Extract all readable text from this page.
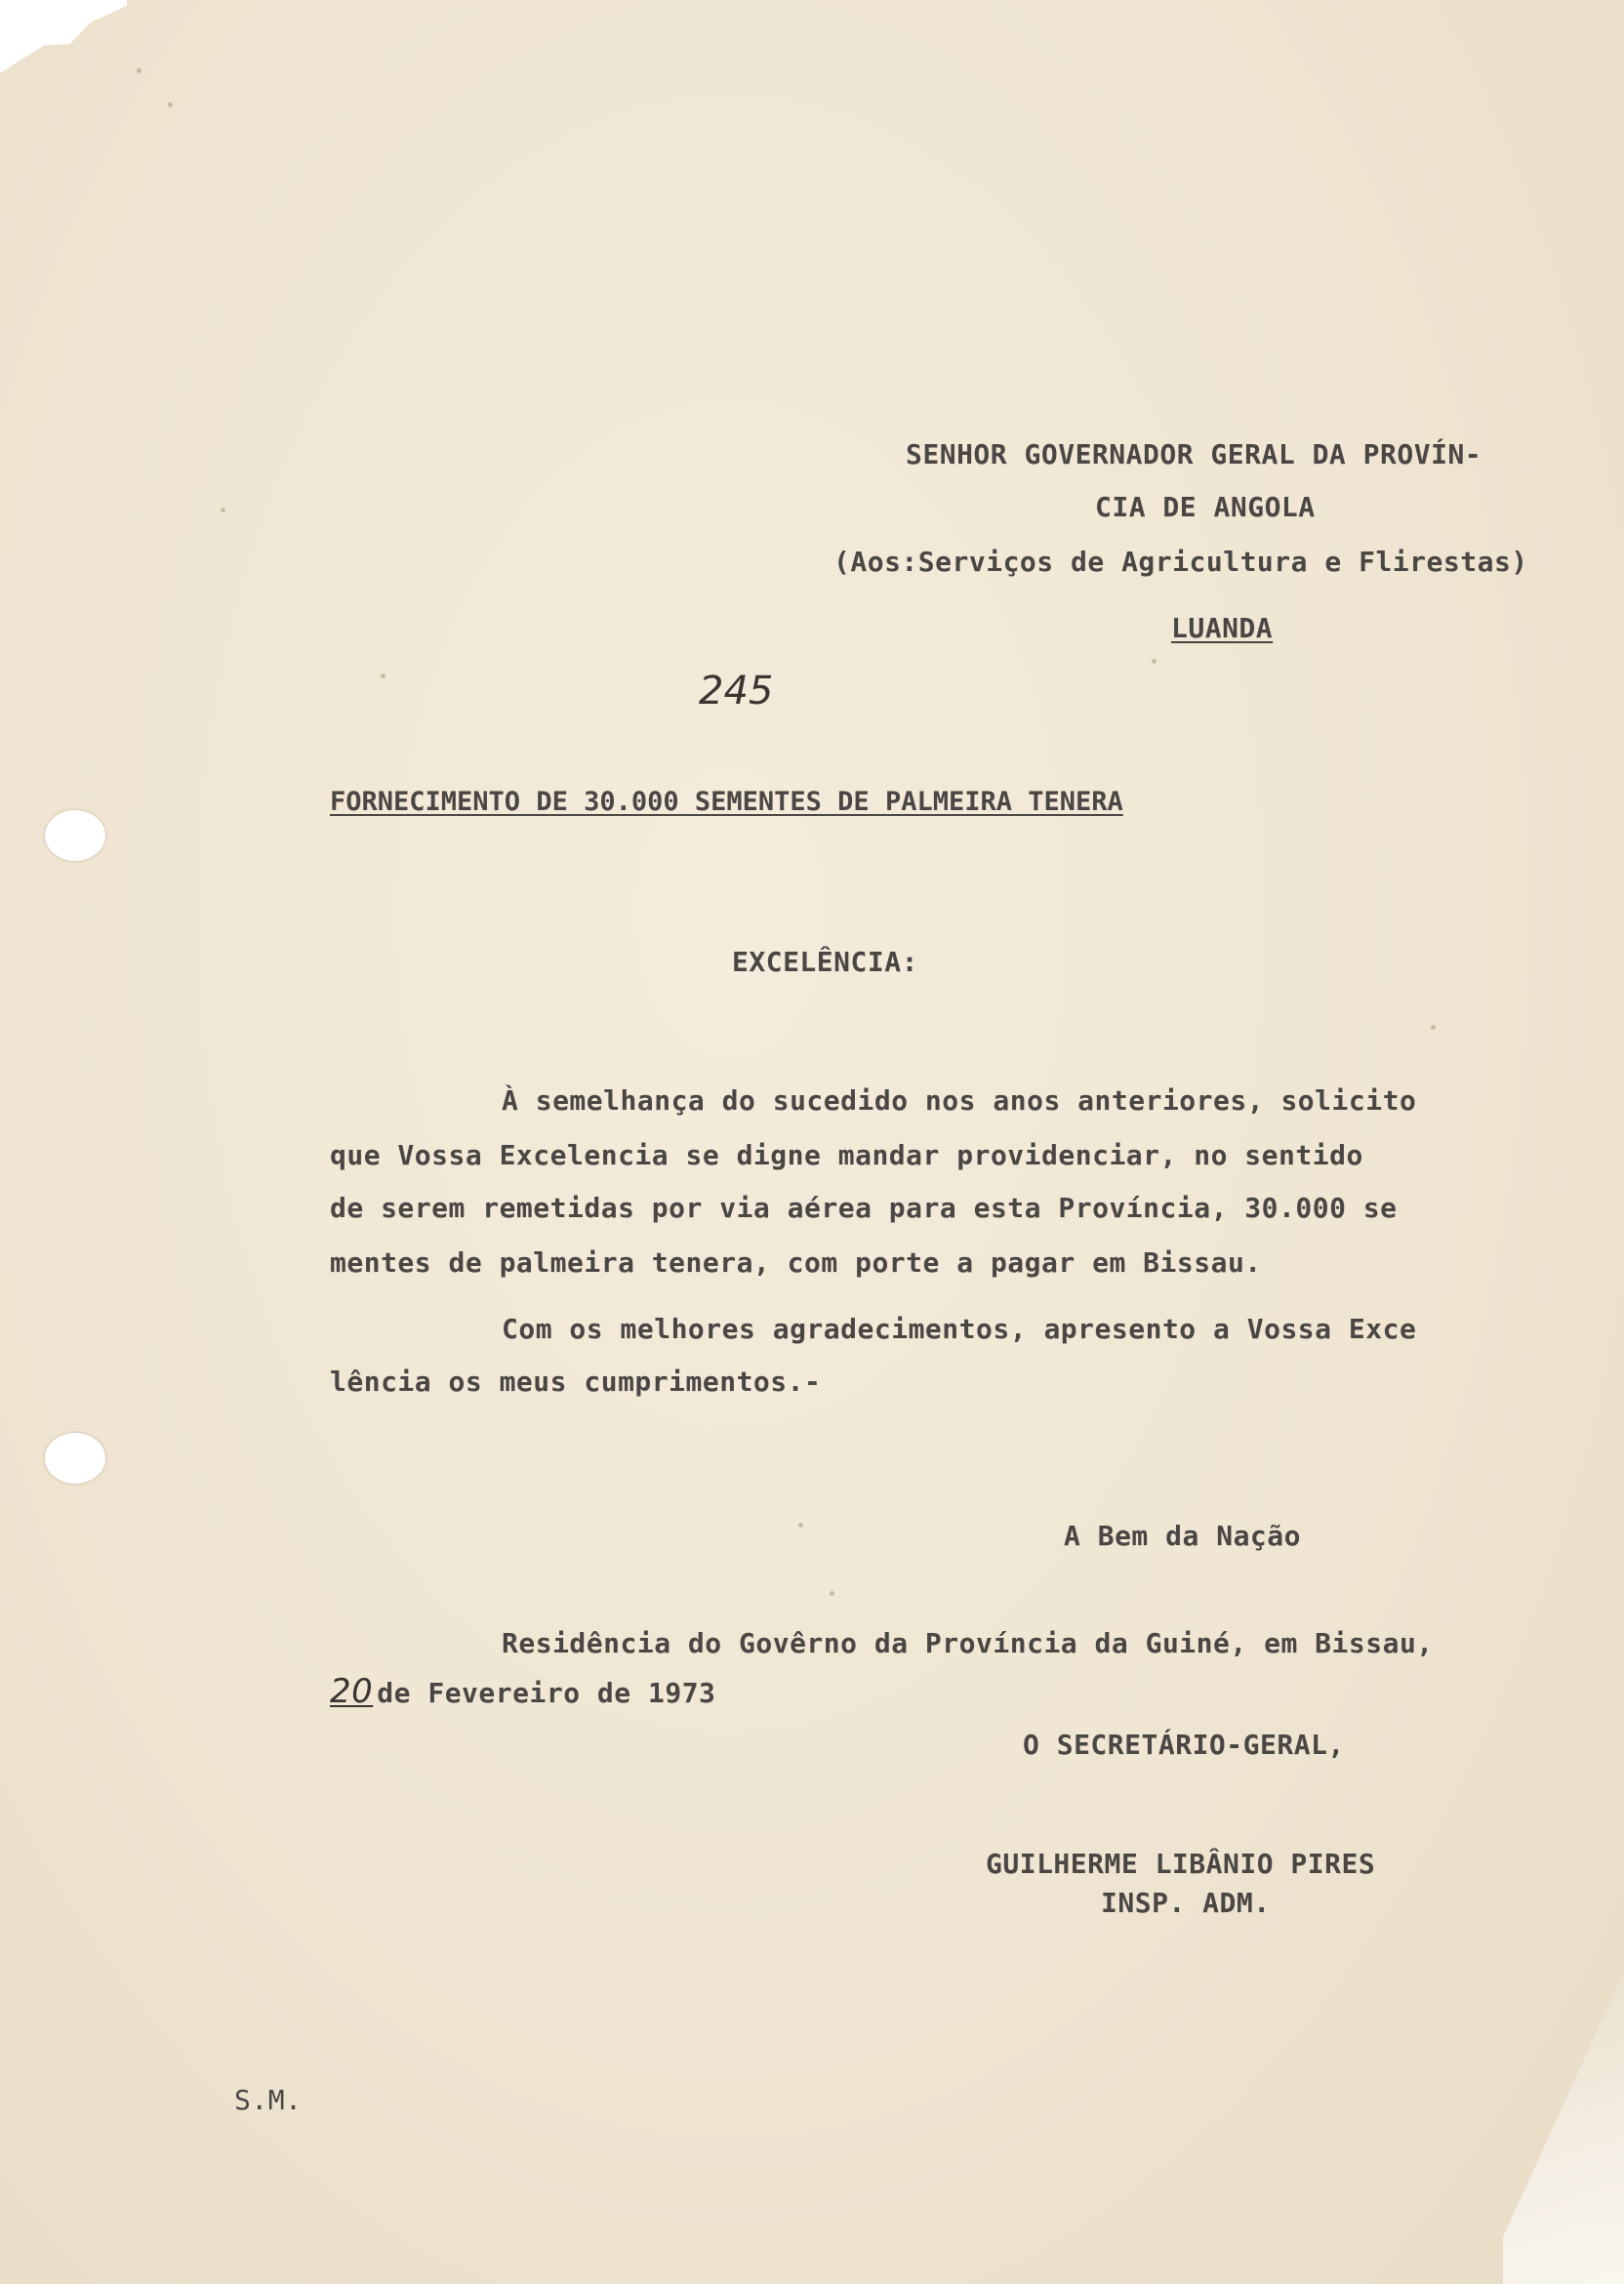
SENHOR GOVERNADOR GERAL DA PROVÍN-
CIA DE ANGOLA
(Aos:Serviços de Agricultura e Flirestas)
LUANDA
245
FORNECIMENTO DE 30.000 SEMENTES DE PALMEIRA TENERA
EXCELÊNCIA:
À semelhança do sucedido nos anos anteriores, solicito
que Vossa Excelencia se digne mandar providenciar, no sentido
de serem remetidas por via aérea para esta Província, 30.000 se
mentes de palmeira tenera, com porte a pagar em Bissau.
Com os melhores agradecimentos, apresento a Vossa Exce
lência os meus cumprimentos.-
A Bem da Nação
Residência do Govêrno da Província da Guiné, em Bissau,
20 de Fevereiro de 1973
O SECRETÁRIO-GERAL,
GUILHERME LIBÂNIO PIRES
INSP. ADM.
S.M.
